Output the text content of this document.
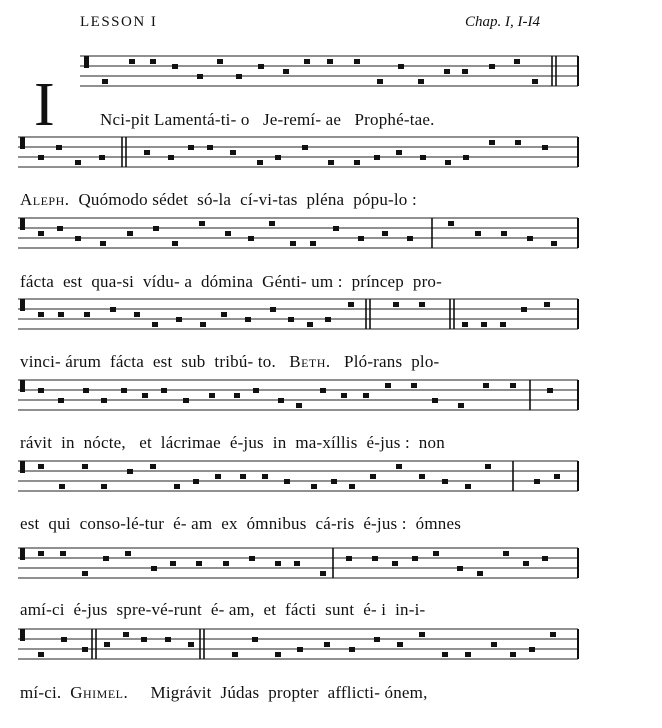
LESSON I	Chap. I, I-I4
I	Nci-pit Lamentá-ti- o Je-remí- ae Prophé-tae.
Aleph. Quómodo sédet só-la cí-vi-tas pléna pópu-lo :
fácta est qua-si vídu- a dómina Génti- um : príncep pro-
vinci- árum fácta est sub tribú- to. Beth. Pló-rans plo-
rávit in nócte, et lácrimae é-jus in ma-xíllis é-jus : non
est qui conso-lé-tur é- am ex ómnibus cá-ris é-jus : ómnes
amí-ci é-jus spre-vé-runt é- am, et fácti sunt é- i in-i-
mí-ci. Ghimel. Migrávit Júdas propter afflicti- ónem,
